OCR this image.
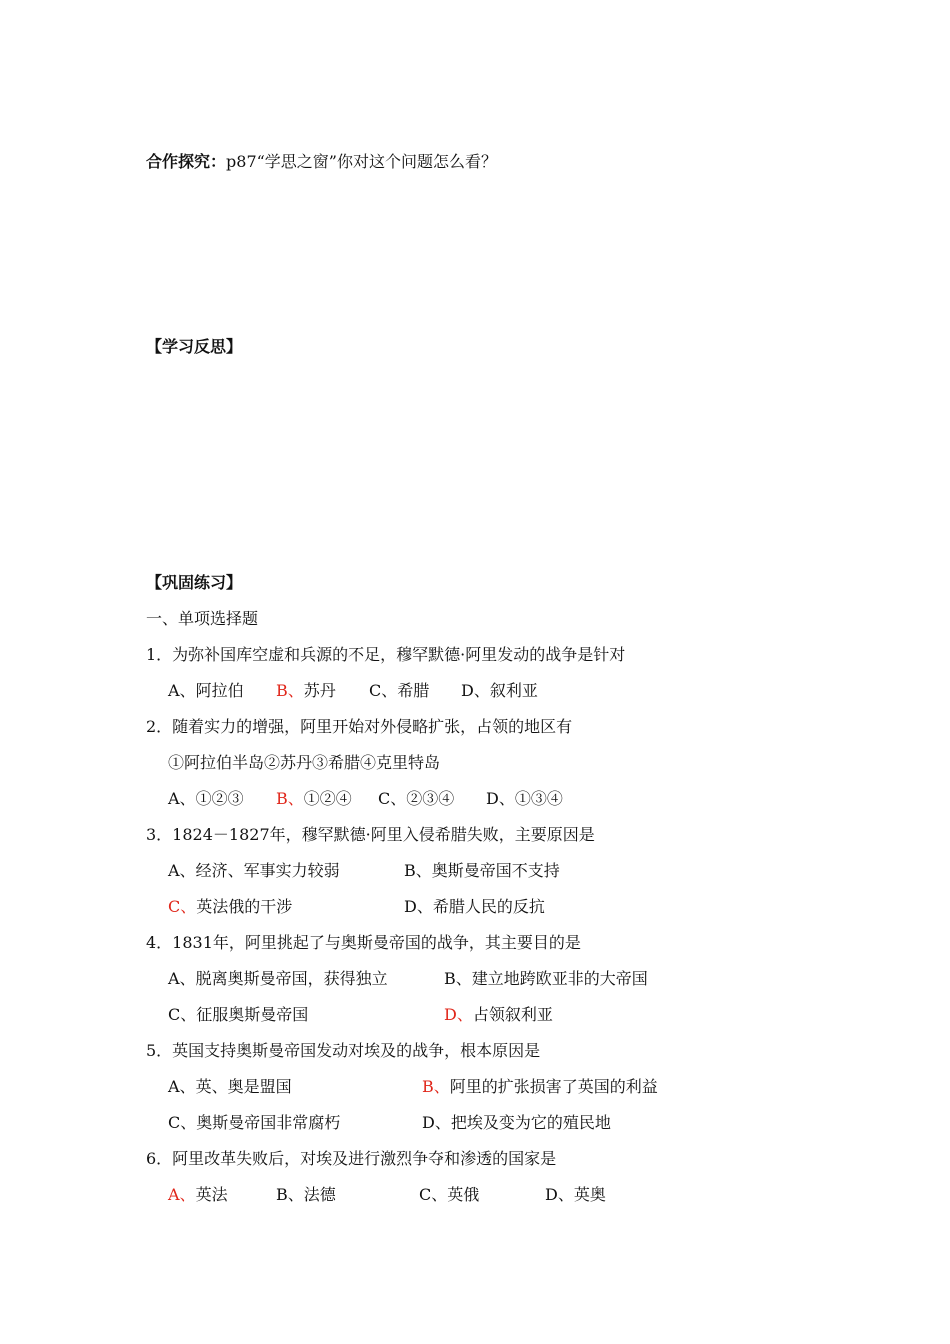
合作探究：p87“学思之窗”你对这个问题怎么看？
【学习反思】
【巩固练习】
一、单项选择题
1．为弥补国库空虚和兵源的不足，穆罕默德·阿里发动的战争是针对
A、阿拉伯 B、苏丹 C、希腊 D、叙利亚
2．随着实力的增强，阿里开始对外侵略扩张，占领的地区有
①阿拉伯半岛②苏丹③希腊④克里特岛
A、①②③ B、①②④ C、②③④ D、①③④
3．1824－1827年，穆罕默德·阿里入侵希腊失败，主要原因是
A、经济、军事实力较弱	B、奥斯曼帝国不支持
C、英法俄的干涉	D、希腊人民的反抗
4．1831年，阿里挑起了与奥斯曼帝国的战争，其主要目的是
A、脱离奥斯曼帝国，获得独立	B、建立地跨欧亚非的大帝国
C、征服奥斯曼帝国	D、占领叙利亚
5．英国支持奥斯曼帝国发动对埃及的战争，根本原因是
A、英、奥是盟国	B、阿里的扩张损害了英国的利益
C、奥斯曼帝国非常腐朽	D、把埃及变为它的殖民地
6．阿里改革失败后，对埃及进行激烈争夺和渗透的国家是
A、英法	B、法德	C、英俄	D、英奥
